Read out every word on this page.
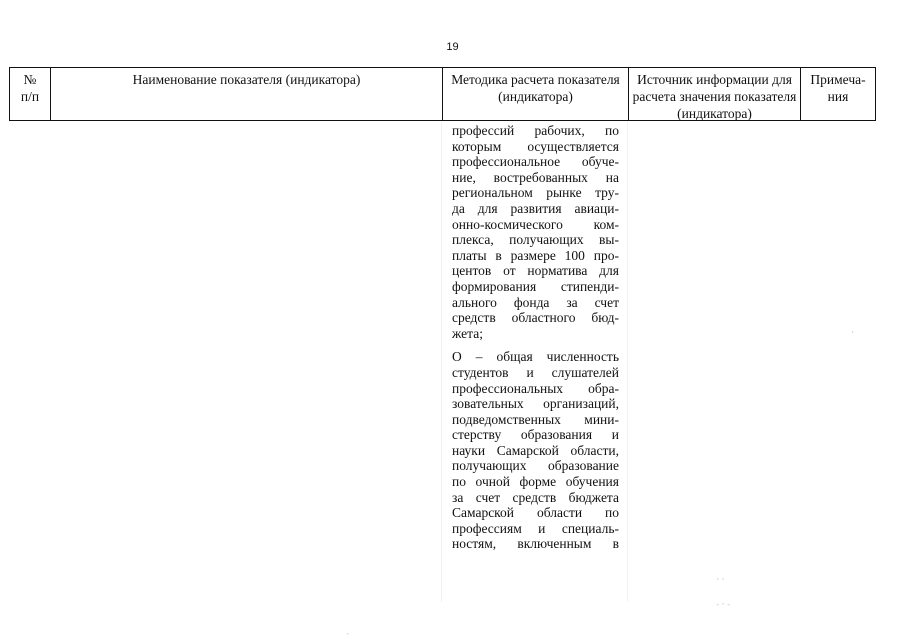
19
№
п/п
Наименование показателя (индикатора)	Методика расчета показателя (индикатора)
Источник информации для расчета значения показателя (индикатора)
Примеча-
ния
профессий рабочих, по
которым осуществляется
профессиональное обуче-
ние, востребованных на
региональном рынке тру-
да для развития авиаци-
онно-космического ком-
плекса, получающих вы-
платы в размере 100 про-
центов от норматива для
формирования стипенди-
ального фонда за счет
средств областного бюд-
жета;
О – общая численность
студентов и слушателей
профессиональных обра-
зовательных организаций,
подведомственных мини-
стерству образования и
науки Самарской области,
получающих образование
по очной форме обучения
за счет средств бюджета
Самарской области по
профессиям и специаль-
ностям, включенным в
·
··
-·-
·
